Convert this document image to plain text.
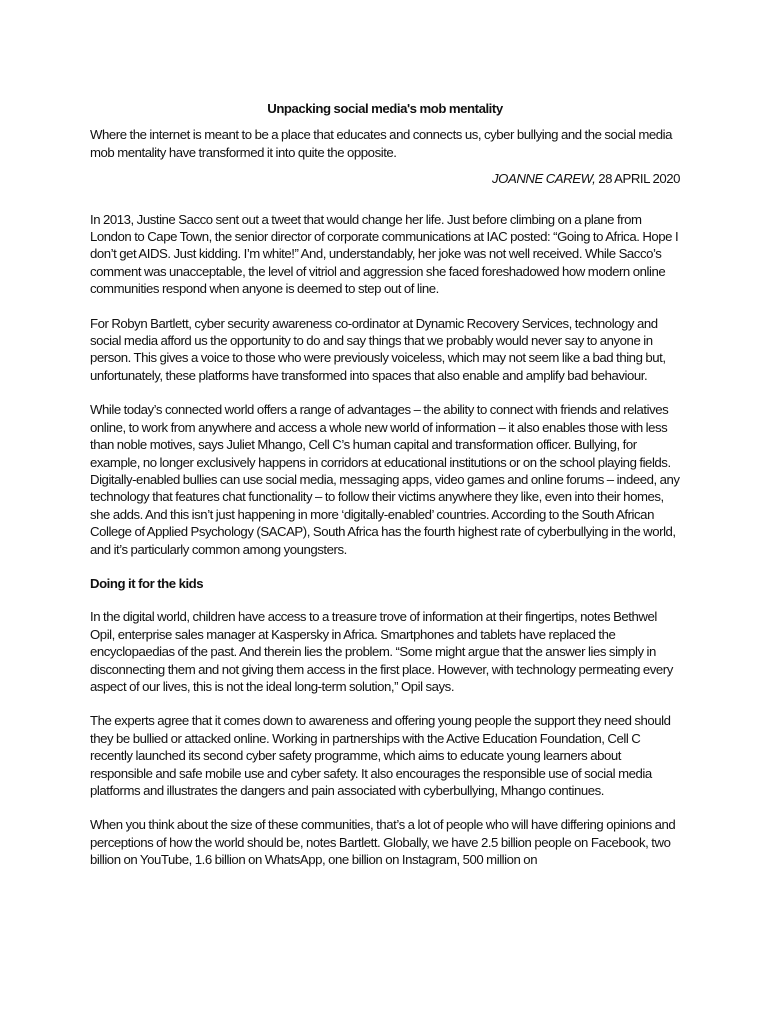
Unpacking social media's mob mentality
Where the internet is meant to be a place that educates and connects us, cyber bullying and the social media mob mentality have transformed it into quite the opposite.
JOANNE CAREW, 28 APRIL 2020

In 2013, Justine Sacco sent out a tweet that would change her life. Just before climbing on a plane from London to Cape Town, the senior director of corporate communications at IAC posted: “Going to Africa. Hope I don’t get AIDS. Just kidding. I’m white!” And, understandably, her joke was not well received. While Sacco’s comment was unacceptable, the level of vitriol and aggression she faced foreshadowed how modern online communities respond when anyone is deemed to step out of line.

For Robyn Bartlett, cyber security awareness co-ordinator at Dynamic Recovery Services, technology and social media afford us the opportunity to do and say things that we probably would never say to anyone in person. This gives a voice to those who were previously voiceless, which may not seem like a bad thing but, unfortunately, these platforms have transformed into spaces that also enable and amplify bad behaviour.

While today’s connected world offers a range of advantages – the ability to connect with friends and relatives online, to work from anywhere and access a whole new world of information – it also enables those with less than noble motives, says Juliet Mhango, Cell C’s human capital and transformation officer. Bullying, for example, no longer exclusively happens in corridors at educational institutions or on the school playing fields. Digitally-enabled bullies can use social media, messaging apps, video games and online forums – indeed, any technology that features chat functionality – to follow their victims anywhere they like, even into their homes, she adds. And this isn’t just happening in more ‘digitally-enabled’ countries. According to the South African College of Applied Psychology (SACAP), South Africa has the fourth highest rate of cyberbullying in the world, and it’s particularly common among youngsters.

Doing it for the kids

In the digital world, children have access to a treasure trove of information at their fingertips, notes Bethwel Opil, enterprise sales manager at Kaspersky in Africa. Smartphones and tablets have replaced the encyclopaedias of the past. And therein lies the problem. “Some might argue that the answer lies simply in disconnecting them and not giving them access in the first place. However, with technology permeating every aspect of our lives, this is not the ideal long-term solution,” Opil says.

The experts agree that it comes down to awareness and offering young people the support they need should they be bullied or attacked online. Working in partnerships with the Active Education Foundation, Cell C recently launched its second cyber safety programme, which aims to educate young learners about responsible and safe mobile use and cyber safety. It also encourages the responsible use of social media platforms and illustrates the dangers and pain associated with cyberbullying, Mhango continues.

When you think about the size of these communities, that’s a lot of people who will have differing opinions and perceptions of how the world should be, notes Bartlett. Globally, we have 2.5 billion people on Facebook, two billion on YouTube, 1.6 billion on WhatsApp, one billion on Instagram, 500 million on
